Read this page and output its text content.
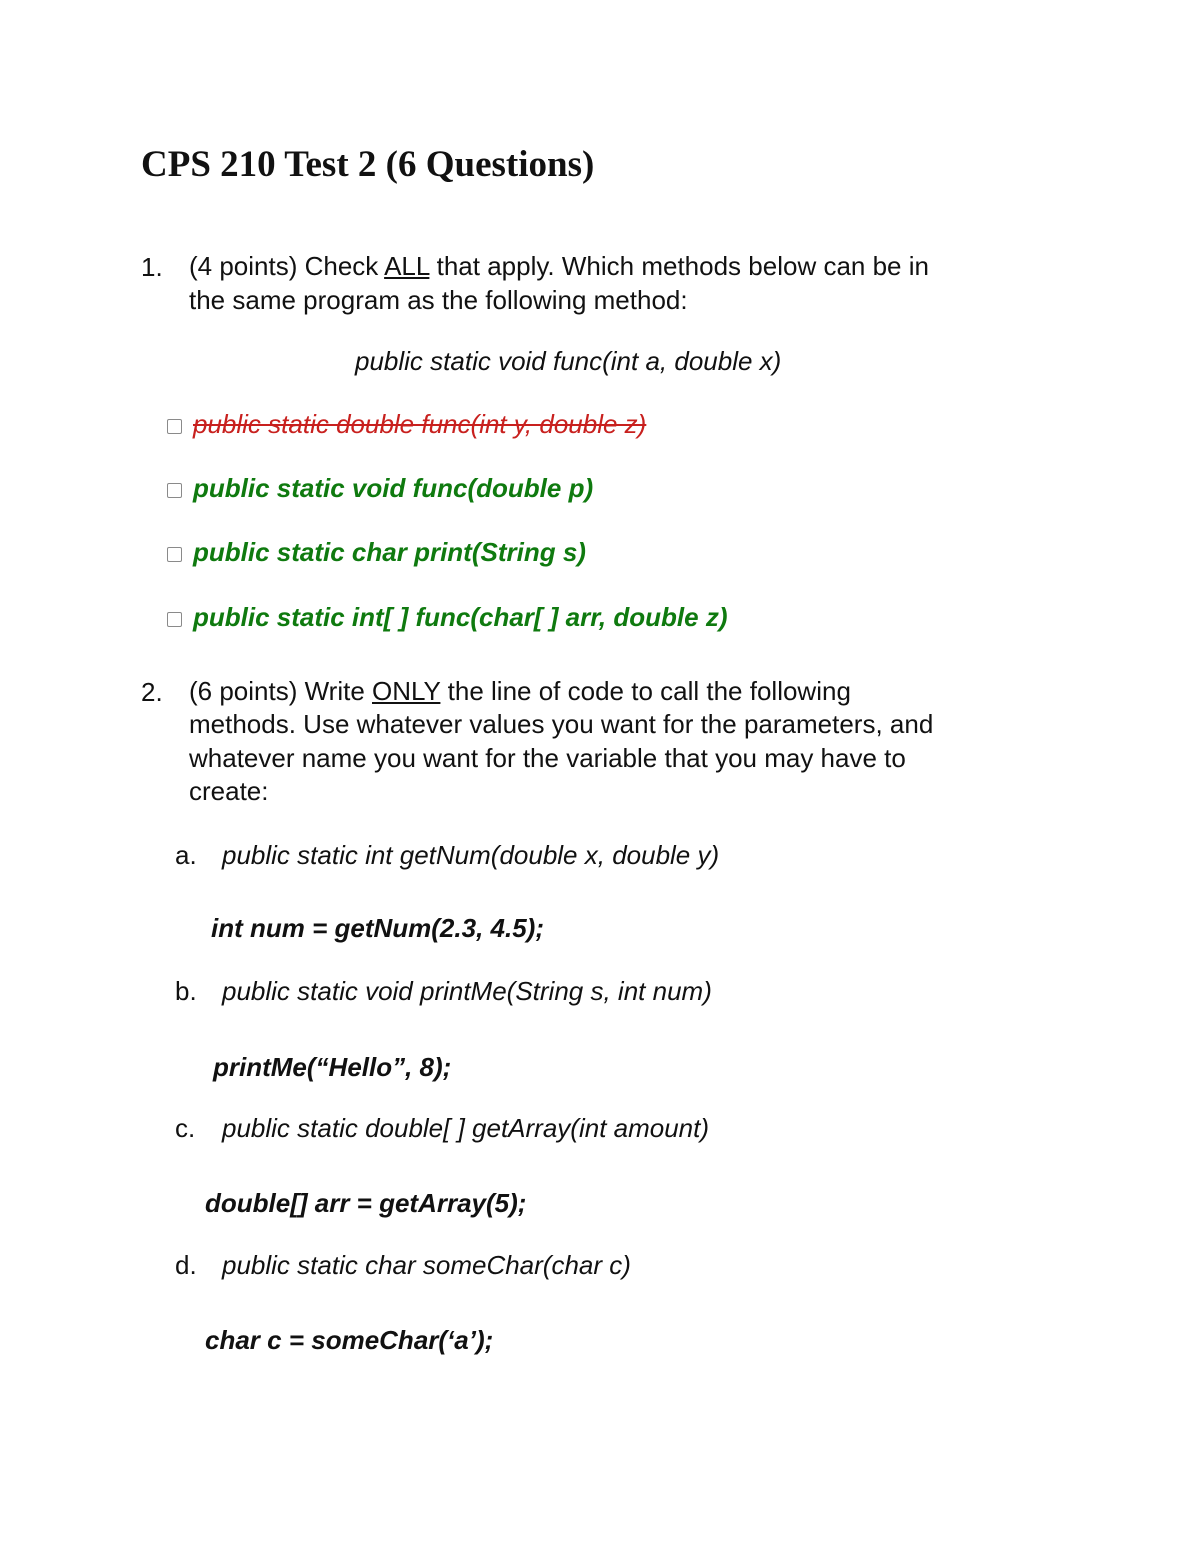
CPS 210 Test 2 (6 Questions)
1. (4 points) Check ALL that apply. Which methods below can be in
the same program as the following method:
public static void func(int a, double x)
public static double func(int y, double z)
public static void func(double p)
public static char print(String s)
public static int[ ] func(char[ ] arr, double z)
2. (6 points) Write ONLY the line of code to call the following
methods. Use whatever values you want for the parameters, and
whatever name you want for the variable that you may have to
create:
a. public static int getNum(double x, double y)
int num = getNum(2.3, 4.5);
b. public static void printMe(String s, int num)
printMe(“Hello”, 8);
c. public static double[ ] getArray(int amount)
double[] arr = getArray(5);
d. public static char someChar(char c)
char c = someChar(‘a’);
